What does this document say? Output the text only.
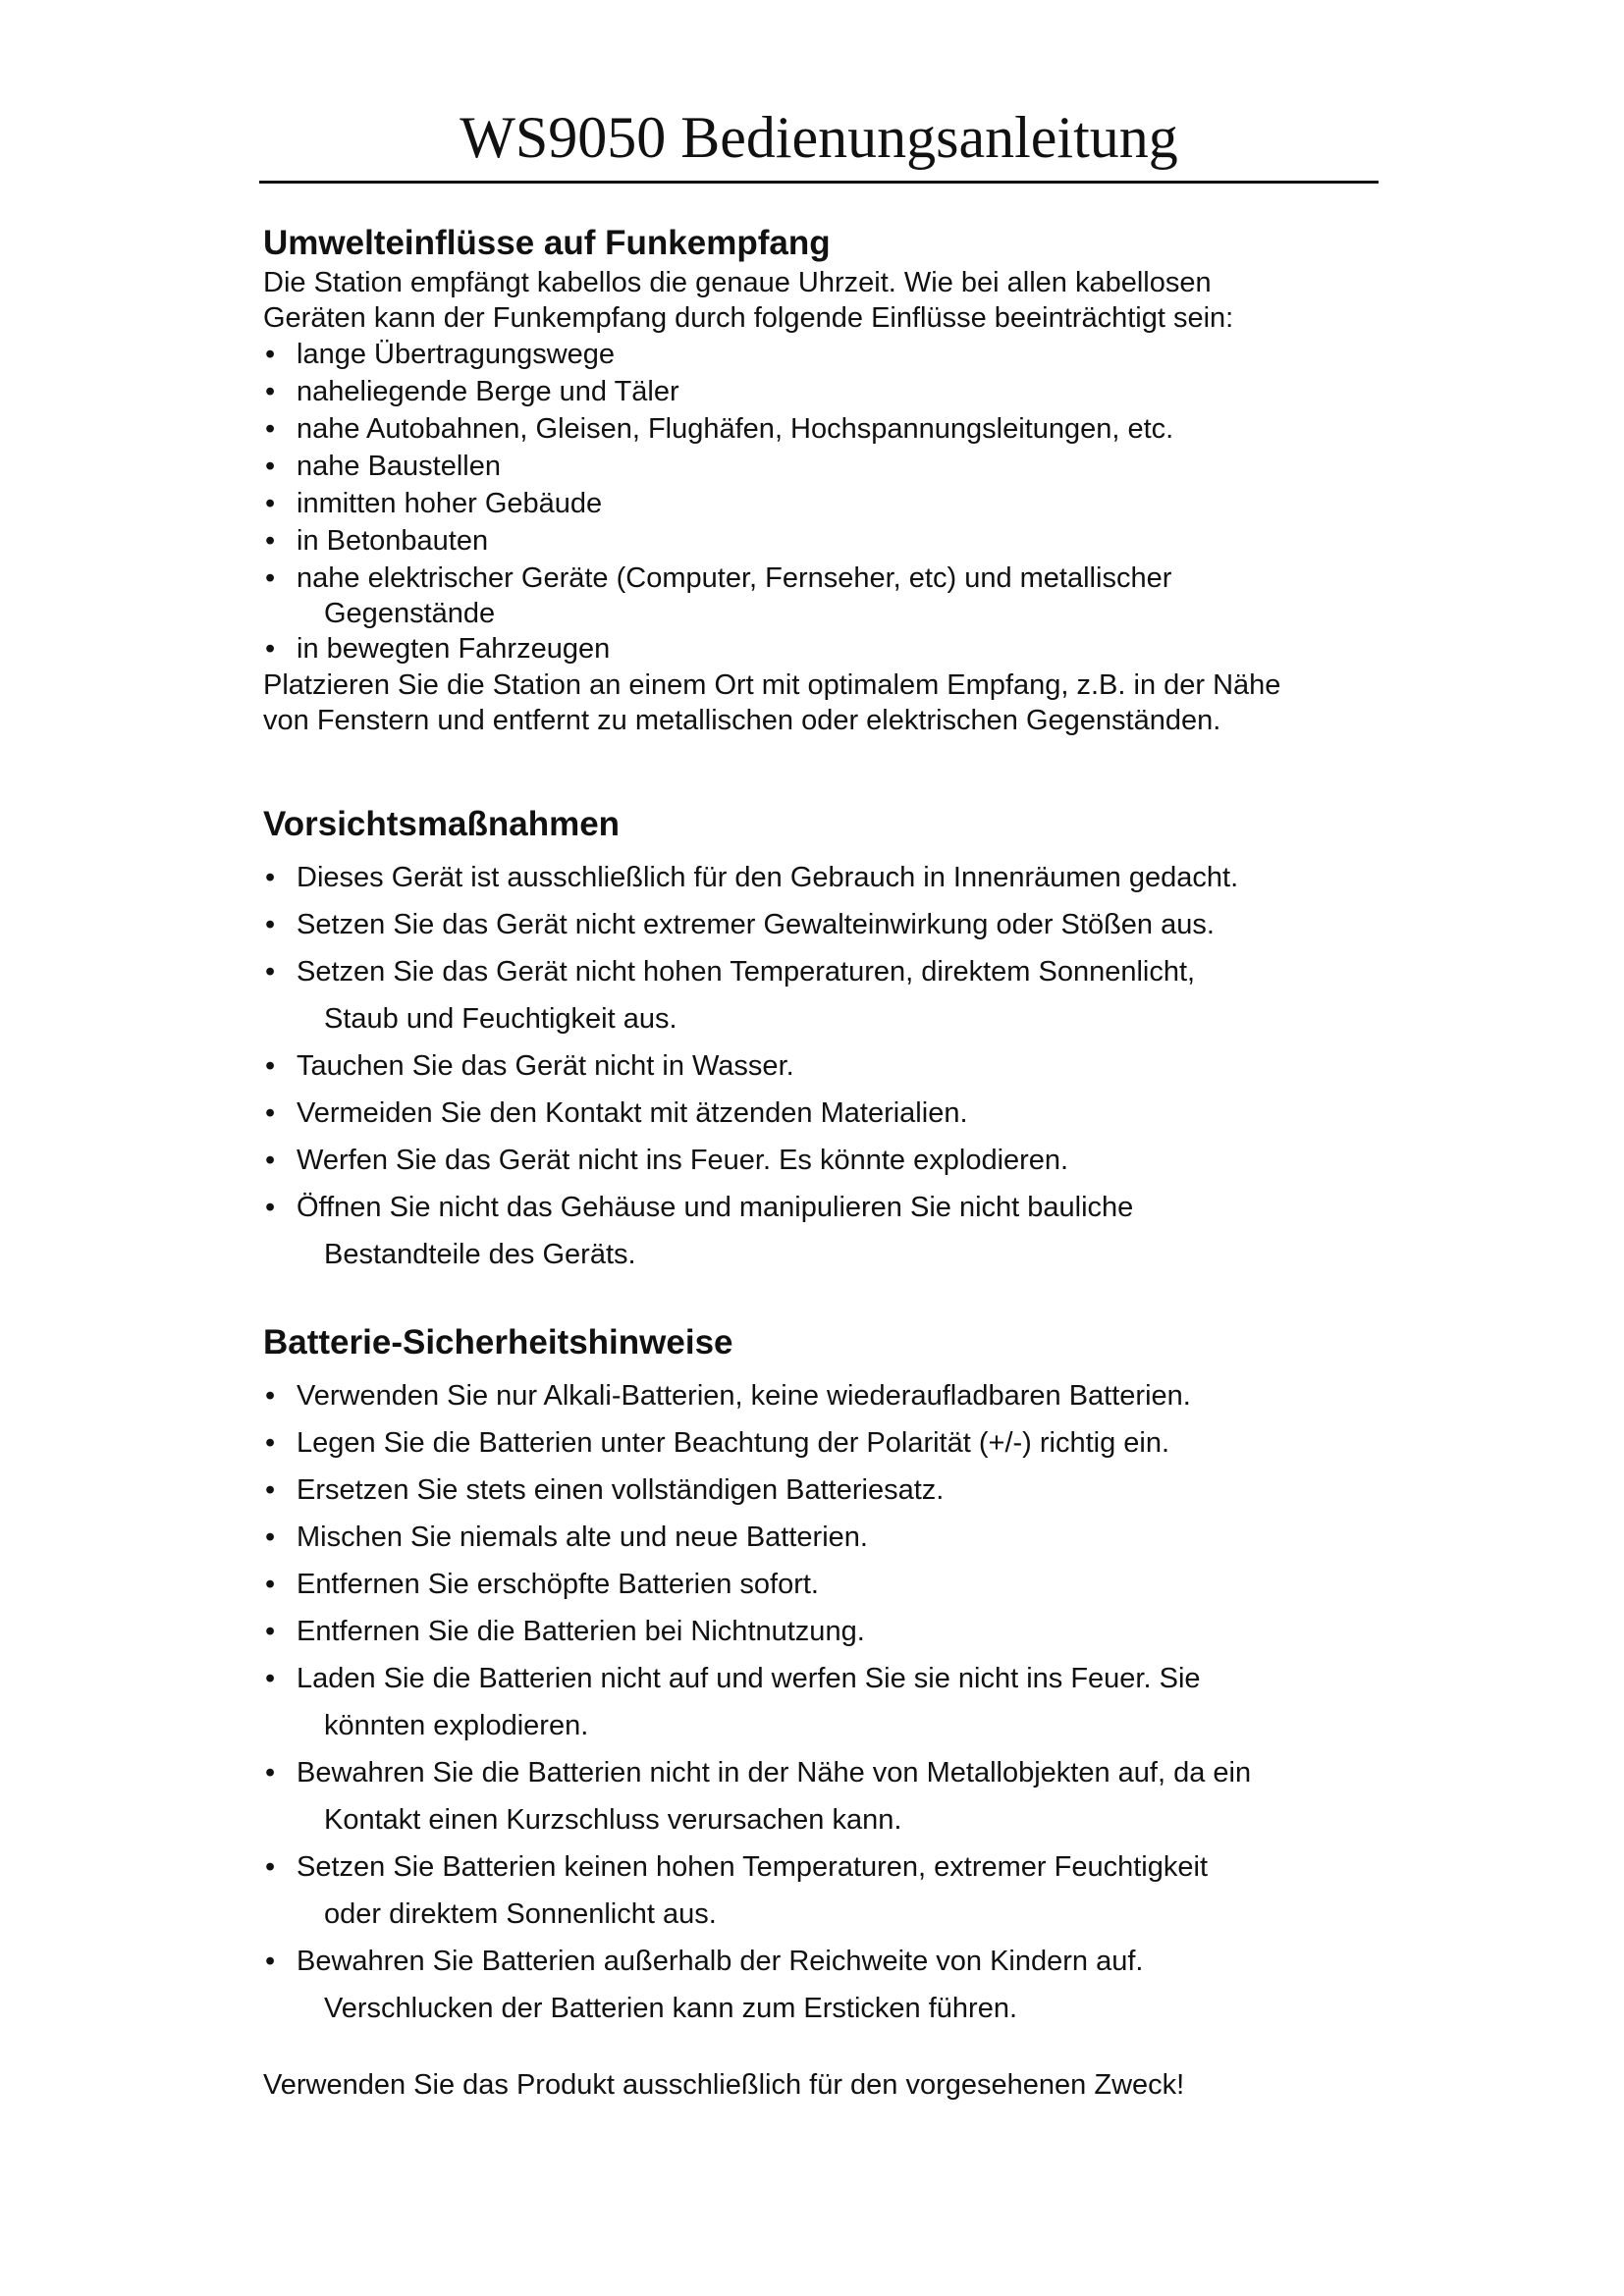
WS9050 Bedienungsanleitung
Umwelteinflüsse auf Funkempfang

Die Station empfängt kabellos die genaue Uhrzeit. Wie bei allen kabellosen

Geräten kann der Funkempfang durch folgende Einflüsse beeinträchtigt sein:

• lange Übertragungswege
• naheliegende Berge und Täler
• nahe Autobahnen, Gleisen, Flughäfen, Hochspannungsleitungen, etc.
• nahe Baustellen
• inmitten hoher Gebäude
• in Betonbauten
• nahe elektrischer Geräte (Computer, Fernseher, etc) und metallischer
Gegenstände
• in bewegten Fahrzeugen

Platzieren Sie die Station an einem Ort mit optimalem Empfang, z.B. in der Nähe

von Fenstern und entfernt zu metallischen oder elektrischen Gegenständen.

Vorsichtsmaßnahmen
• Dieses Gerät ist ausschließlich für den Gebrauch in Innenräumen gedacht.
• Setzen Sie das Gerät nicht extremer Gewalteinwirkung oder Stößen aus.
• Setzen Sie das Gerät nicht hohen Temperaturen, direktem Sonnenlicht,
Staub und Feuchtigkeit aus.
• Tauchen Sie das Gerät nicht in Wasser.
• Vermeiden Sie den Kontakt mit ätzenden Materialien.
• Werfen Sie das Gerät nicht ins Feuer. Es könnte explodieren.
• Öffnen Sie nicht das Gehäuse und manipulieren Sie nicht bauliche
Bestandteile des Geräts.
Batterie-Sicherheitshinweise
• Verwenden Sie nur Alkali-Batterien, keine wiederaufladbaren Batterien.
• Legen Sie die Batterien unter Beachtung der Polarität (+/-) richtig ein.
• Ersetzen Sie stets einen vollständigen Batteriesatz.
• Mischen Sie niemals alte und neue Batterien.
• Entfernen Sie erschöpfte Batterien sofort.
• Entfernen Sie die Batterien bei Nichtnutzung.
• Laden Sie die Batterien nicht auf und werfen Sie sie nicht ins Feuer. Sie
könnten explodieren.
• Bewahren Sie die Batterien nicht in der Nähe von Metallobjekten auf, da ein
Kontakt einen Kurzschluss verursachen kann.
• Setzen Sie Batterien keinen hohen Temperaturen, extremer Feuchtigkeit
oder direktem Sonnenlicht aus.
• Bewahren Sie Batterien außerhalb der Reichweite von Kindern auf.
Verschlucken der Batterien kann zum Ersticken führen.

Verwenden Sie das Produkt ausschließlich für den vorgesehenen Zweck!
